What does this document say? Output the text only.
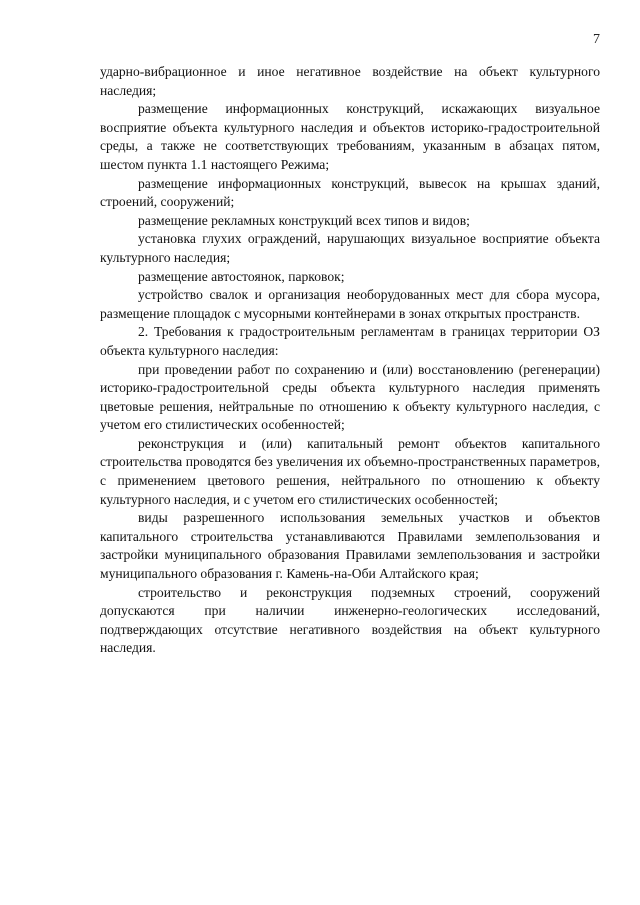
7

ударно-вибрационное и иное негативное воздействие на объект культурного наследия;

размещение информационных конструкций, искажающих визуальное восприятие объекта культурного наследия и объектов историко-градостроительной среды, а также не соответствующих требованиям, указанным в абзацах пятом, шестом пункта 1.1 настоящего Режима;

размещение информационных конструкций, вывесок на крышах зданий, строений, сооружений;

размещение рекламных конструкций всех типов и видов;

установка глухих ограждений, нарушающих визуальное восприятие объекта культурного наследия;

размещение автостоянок, парковок;

устройство свалок и организация необорудованных мест для сбора мусора, размещение площадок с мусорными контейнерами в зонах открытых пространств.

2. Требования к градостроительным регламентам в границах территории ОЗ объекта культурного наследия:

при проведении работ по сохранению и (или) восстановлению (регенерации) историко-градостроительной среды объекта культурного наследия применять цветовые решения, нейтральные по отношению к объекту культурного наследия, с учетом его стилистических особенностей;

реконструкция и (или) капитальный ремонт объектов капитального строительства проводятся без увеличения их объемно-пространственных параметров, с применением цветового решения, нейтрального по отношению к объекту культурного наследия, и с учетом его стилистических особенностей;

виды разрешенного использования земельных участков и объектов капитального строительства устанавливаются Правилами землепользования и застройки муниципального образования Правилами землепользования и застройки муниципального образования г. Камень-на-Оби Алтайского края;

строительство и реконструкция подземных строений, сооружений допускаются при наличии инженерно-геологических исследований, подтверждающих отсутствие негативного воздействия на объект культурного наследия.
